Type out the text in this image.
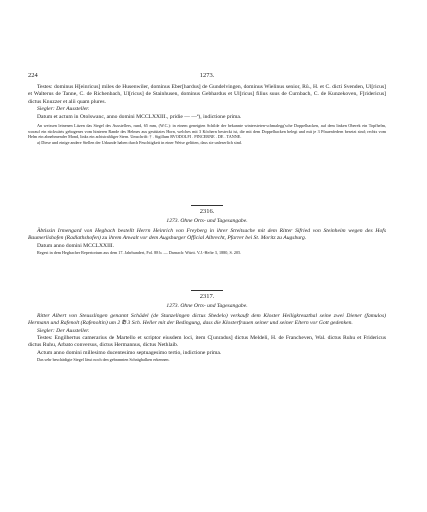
224	1273.

Testes: dominus H[einricus] miles de Husenwiler, dominus Eber[hardus] de Gundelvingen, dominus Wielinus senior, Rû., H. et C. dicti Svenden, Ul[ricus] et Walterus de Tanne, C. de Richenbach, Ul[ricus] de Stainhusen, dominus Gebhardus et Ul[ricus] filius suus de Curnbach, C. de Kunzekoven, F[ridericus] dictus Knuzzer et alii quam plures.

Siegler: Der Aussteller.

Datum et actum in Otolswanc, anno domini MCCLXXIII., pridie — —ª), indictione prima.

An weissen leinenen Litzen das Siegel des Ausstellers, rund, 65 mm, (W.C.): in einem geneigten Schilde der bekannte wintersteten-schmalegg'sche Doppelhacken, auf dem linken Oberek ein Topfhelm, worauf ein rückwärts gebogenes vom hinteren Rande des Helmes aus gestütztes Horn, welches mit 3 Köchern besteckt ist, die mit dem Doppelhacken belegt und mit je 3 Pfauenfedern besetzt sind; rechts vom Helm ein abnehmender Mond, links ein achtstrahliger Stern. Umschrift: † . Sigillum RVODOLFI . PINCERNE . DE . TANNE.

a) Diese und einige andere Stellen der Urkunde haben durch Feuchtigkeit in einer Weise gelitten, dass sie unleserlich sind.

2316.

1273. Ohne Orts- und Tagesangabe.

Äbtissin Irmengard von Hegbach bestellt Herrn Heinrich von Freyberg in ihrer Streitsache mit dem Ritter Sifried von Steinheim wegen des Hofs Baumerlishofen (Radlathshofen) zu ihrem Anwalt vor dem Augsburger Official Albrecht, Pfarrer bei St. Moritz zu Augsburg.

Datum anno domini MCCLXXIII.

Regest in dem Hegbacher Repertorium aus dem 17. Jahrhundert, Fol. 88 b. — Darnach: Württ. V.J.-Hefte 3, 1880, S. 205.

2317.

1273. Ohne Orts- und Tagesangabe.

Ritter Albert von Steusslingen genannt Schädel (de Stunzelingen dictus Shedelo) verkauft dem Kloster Heiligkreuzthal seine zwei Diener (famulos) Hermann und Rafenolt (Rafenoltin) um 2 ℔ 3 Sch. Heller mit der Bedingung, dass die Klosterfrauen seiner und seiner Eltern vor Gott gedenken.

Siegler: Der Aussteller.

Testes: Engilhertus camerarius de Martello et scriptor eiusdem loci, item C[unradus] dictus Meldeli, H. de Francheven, Wal. dictus Ruhu et Fridericus dictus Ruhu, Arbato conversus, dictus Hermannus, dictus Nethlaib.

Actum anno domini millesimo ducentesimo septuagesimo tertio, indictione prima.

Das sehr beschädigte Siegel lässt noch den gebrannten Schrägbalken erkennen.
